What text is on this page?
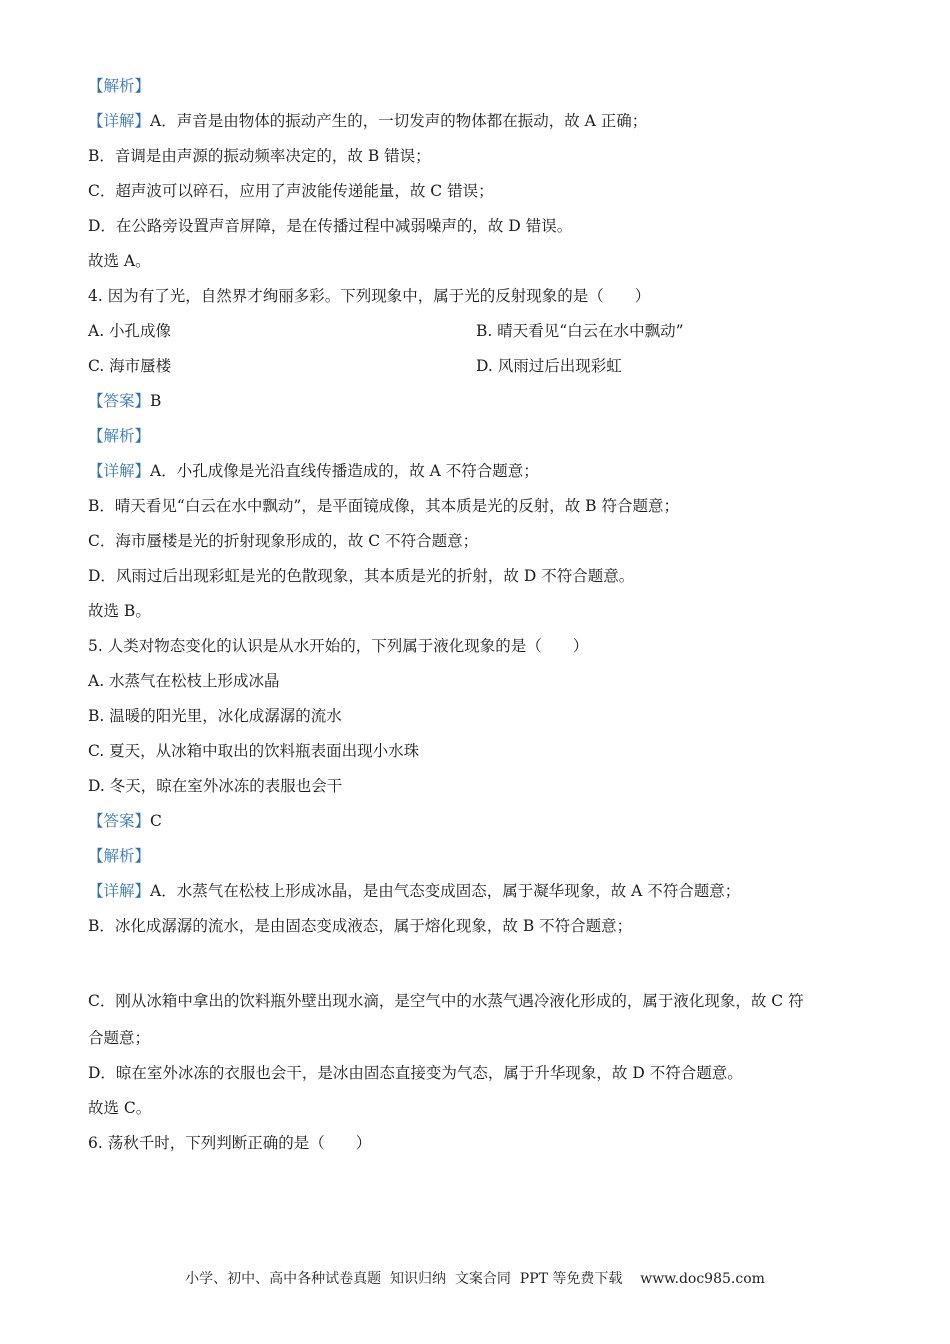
【解析】
【详解】A．声音是由物体的振动产生的，一切发声的物体都在振动，故 A 正确；
B．音调是由声源的振动频率决定的，故 B 错误；
C．超声波可以碎石，应用了声波能传递能量，故 C 错误；
D．在公路旁设置声音屏障，是在传播过程中减弱噪声的，故 D 错误。
故选 A。
4. 因为有了光，自然界才绚丽多彩。下列现象中，属于光的反射现象的是（　　）
A. 小孔成像	B. 晴天看见“白云在水中飘动”
C. 海市蜃楼	D. 风雨过后出现彩虹
【答案】B
【解析】
【详解】A．小孔成像是光沿直线传播造成的，故 A 不符合题意；
B．晴天看见“白云在水中飘动”，是平面镜成像，其本质是光的反射，故 B 符合题意；
C．海市蜃楼是光的折射现象形成的，故 C 不符合题意；
D．风雨过后出现彩虹是光的色散现象，其本质是光的折射，故 D 不符合题意。
故选 B。
5. 人类对物态变化的认识是从水开始的，下列属于液化现象的是（　　）
A. 水蒸气在松枝上形成冰晶
B. 温暖的阳光里，冰化成潺潺的流水
C. 夏天，从冰箱中取出的饮料瓶表面出现小水珠
D. 冬天，晾在室外冰冻的表服也会干
【答案】C
【解析】
【详解】A．水蒸气在松枝上形成冰晶，是由气态变成固态，属于凝华现象，故 A 不符合题意；
B．冰化成潺潺的流水，是由固态变成液态，属于熔化现象，故 B 不符合题意；
C．刚从冰箱中拿出的饮料瓶外壁出现水滴，是空气中的水蒸气遇冷液化形成的，属于液化现象，故 C 符
合题意；
D．晾在室外冰冻的衣服也会干，是冰由固态直接变为气态，属于升华现象，故 D 不符合题意。
故选 C。
6. 荡秋千时，下列判断正确的是（　　）
小学、初中、高中各种试卷真题  知识归纳  文案合同  PPT 等免费下载    www.doc985.com
